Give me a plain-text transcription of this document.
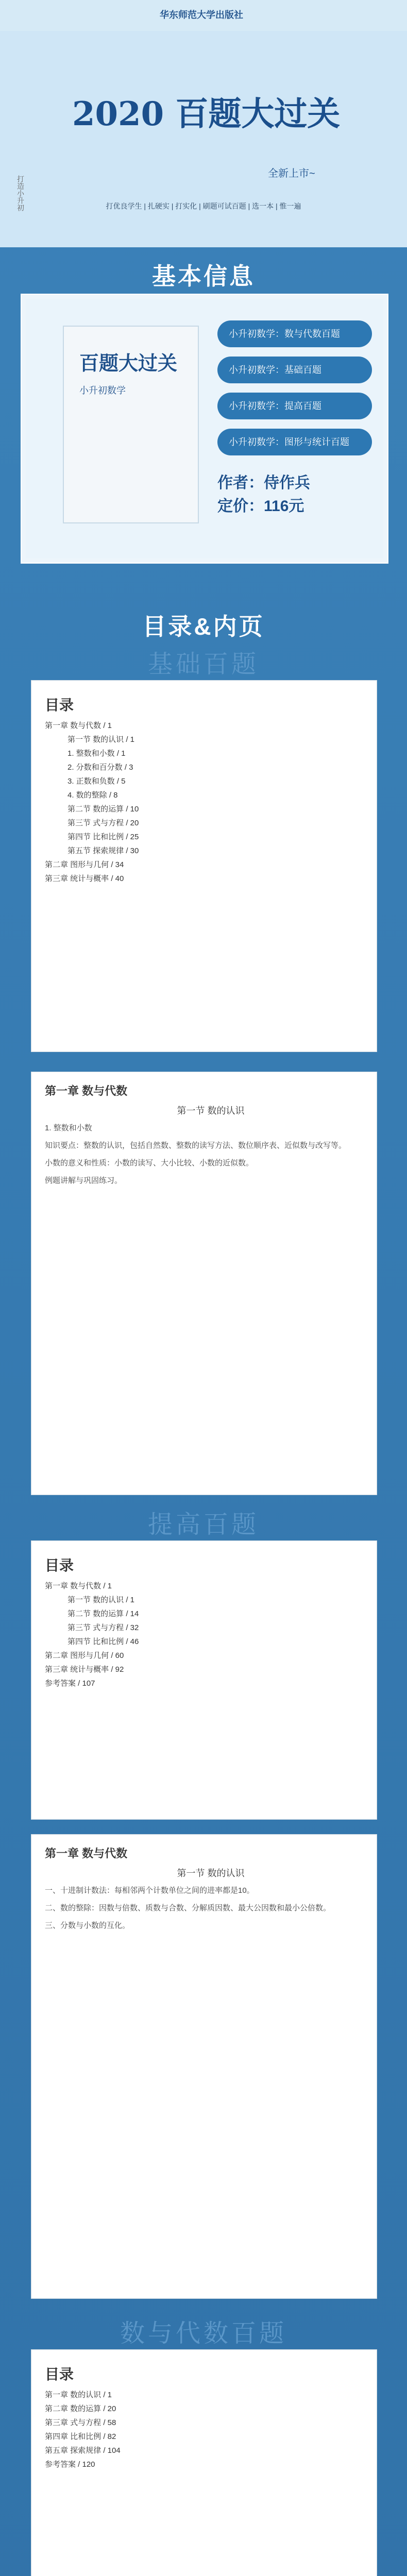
华东师范大学出版社
2020 百题大过关
全新上市~
打优良学生 | 扎硬实 | 打实化 | 刷题可试百题 | 选一本 | 惟一遍
打造小升初
基本信息
百题大过关
小升初数学
小升初数学：数与代数百题
小升初数学：基础百题
小升初数学：提高百题
小升初数学：图形与统计百题
作者：侍作兵
定价：116元
目录&内页
基础百题
目录
第一章 数与代数 / 1
第一节 数的认识 / 1
1. 整数和小数 / 1
2. 分数和百分数 / 3
3. 正数和负数 / 5
4. 数的整除 / 8
第二节 数的运算 / 10
第三节 式与方程 / 20
第四节 比和比例 / 25
第五节 探索规律 / 30
第二章 图形与几何 / 34
第三章 统计与概率 / 40
第一章 数与代数
第一节 数的认识
1. 整数和小数
知识要点：整数的认识，包括自然数、整数的读写方法、数位顺序表、近似数与改写等。
小数的意义和性质：小数的读写、大小比较、小数的近似数。
例题讲解与巩固练习。
提高百题
目录
第一章 数与代数 / 1
第一节 数的认识 / 1
第二节 数的运算 / 14
第三节 式与方程 / 32
第四节 比和比例 / 46
第二章 图形与几何 / 60
第三章 统计与概率 / 92
参考答案 / 107
第一章 数与代数
第一节 数的认识
一、十进制计数法：每相邻两个计数单位之间的进率都是10。
二、数的整除：因数与倍数、质数与合数、分解质因数、最大公因数和最小公倍数。
三、分数与小数的互化。
数与代数百题
目录
第一章 数的认识 / 1
第二章 数的运算 / 20
第三章 式与方程 / 58
第四章 比和比例 / 82
第五章 探索规律 / 104
参考答案 / 120
